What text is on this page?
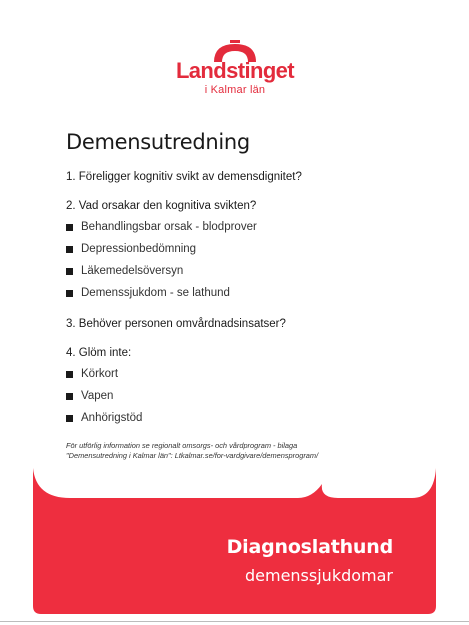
Landstinget
i Kalmar län
Demensutredning
1. Föreligger kognitiv svikt av demensdignitet?
2. Vad orsakar den kognitiva svikten?
Behandlingsbar orsak - blodprover
Depressionbedömning
Läkemedelsöversyn
Demenssjukdom - se lathund
3. Behöver personen omvårdnadsinsatser?
4. Glöm inte:
Körkort
Vapen
Anhörigstöd
För utförlig information se regionalt omsorgs- och vårdprogram - bilaga
"Demensutredning i Kalmar län": Ltkalmar.se/for-vardgivare/demensprogram/
Diagnoslathund
demenssjukdomar
